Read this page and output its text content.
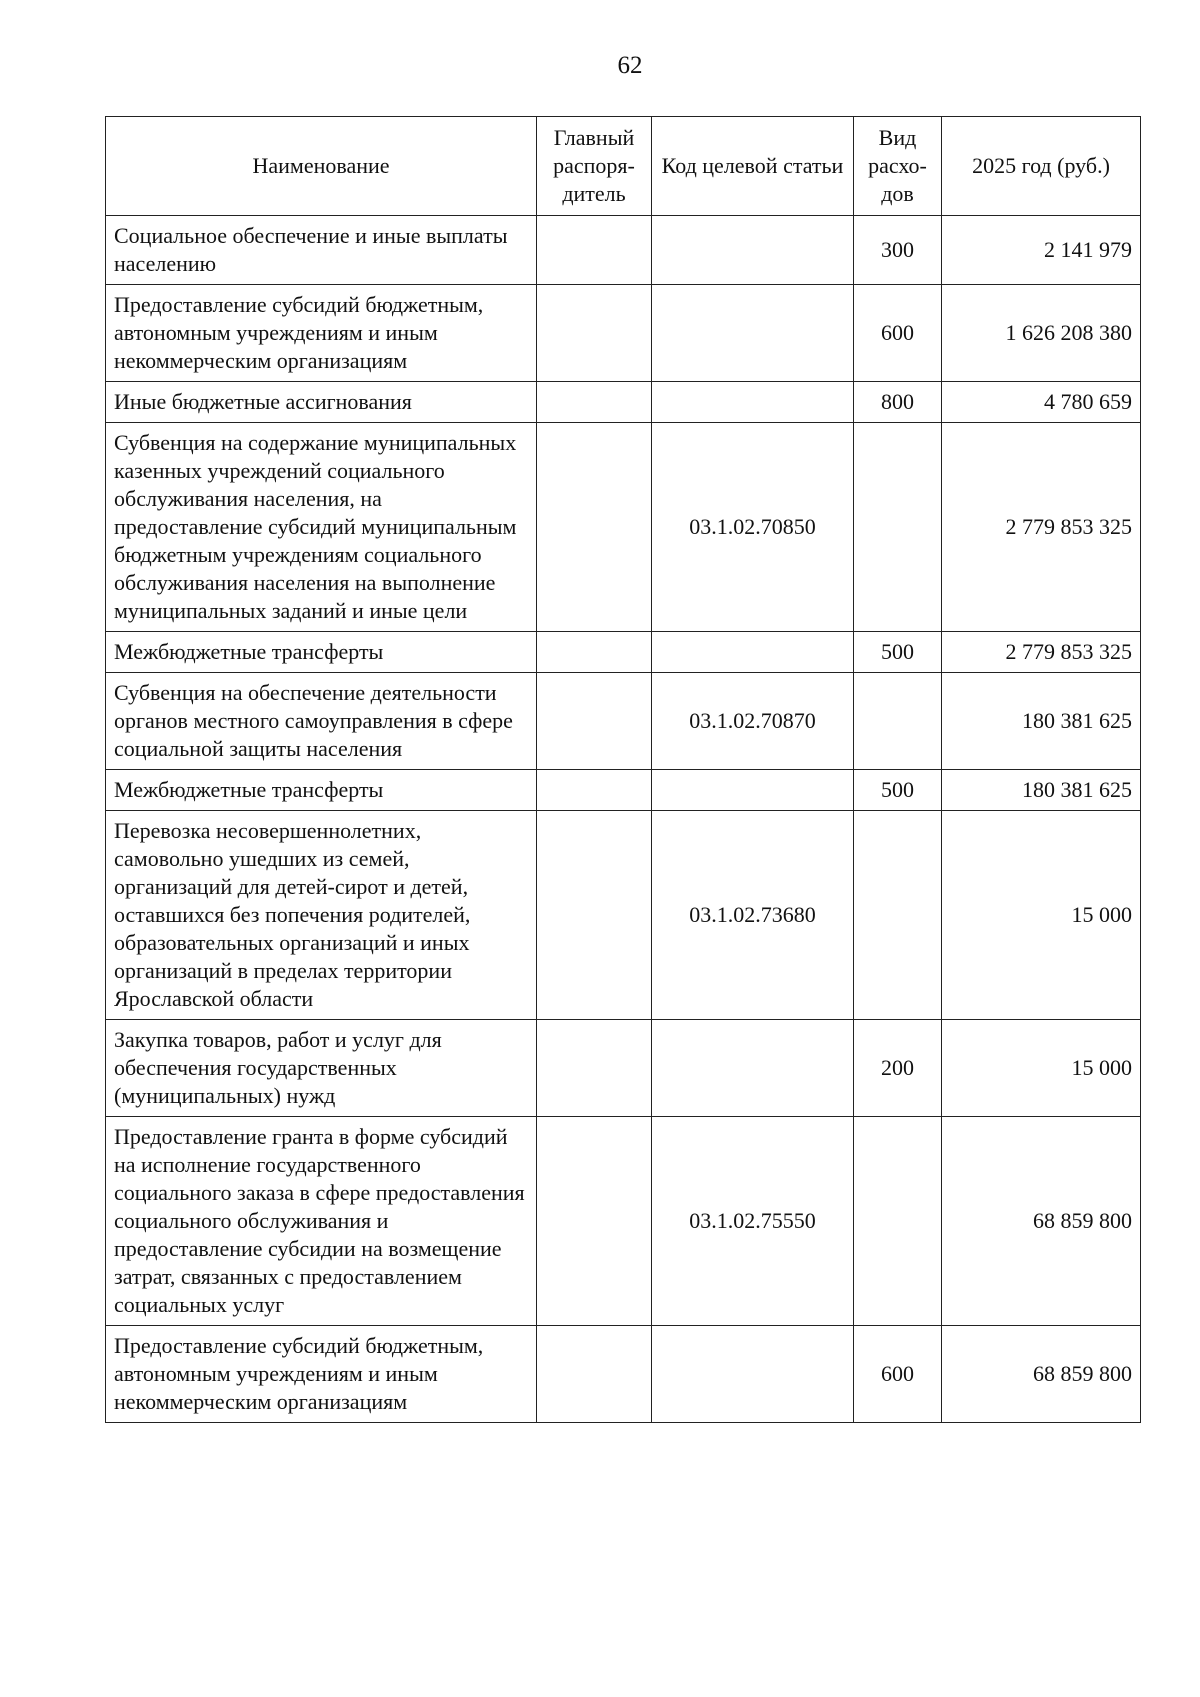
62
Наименование	Главный распоря-дитель	Код целевой статьи	Вид расхо-дов	2025 год (руб.)
Социальное обеспечение и иные выплаты населению			300	2 141 979
Предоставление субсидий бюджетным, автономным учреждениям и иным некоммерческим организациям			600	1 626 208 380
Иные бюджетные ассигнования			800	4 780 659
Субвенция на содержание муниципальных казенных учреждений социального обслуживания населения, на предоставление субсидий муниципальным бюджетным учреждениям социального обслуживания населения на выполнение муниципальных заданий и иные цели		03.1.02.70850		2 779 853 325
Межбюджетные трансферты			500	2 779 853 325
Субвенция на обеспечение деятельности органов местного самоуправления в сфере социальной защиты населения		03.1.02.70870		180 381 625
Межбюджетные трансферты			500	180 381 625
Перевозка несовершеннолетних, самовольно ушедших из семей, организаций для детей-сирот и детей, оставшихся без попечения родителей, образовательных организаций и иных организаций в пределах территории Ярославской области		03.1.02.73680		15 000
Закупка товаров, работ и услуг для обеспечения государственных (муниципальных) нужд			200	15 000
Предоставление гранта в форме субсидий на исполнение государственного социального заказа в сфере предоставления социального обслуживания и предоставление субсидии на возмещение затрат, связанных с предоставлением социальных услуг		03.1.02.75550		68 859 800
Предоставление субсидий бюджетным, автономным учреждениям и иным некоммерческим организациям			600	68 859 800
